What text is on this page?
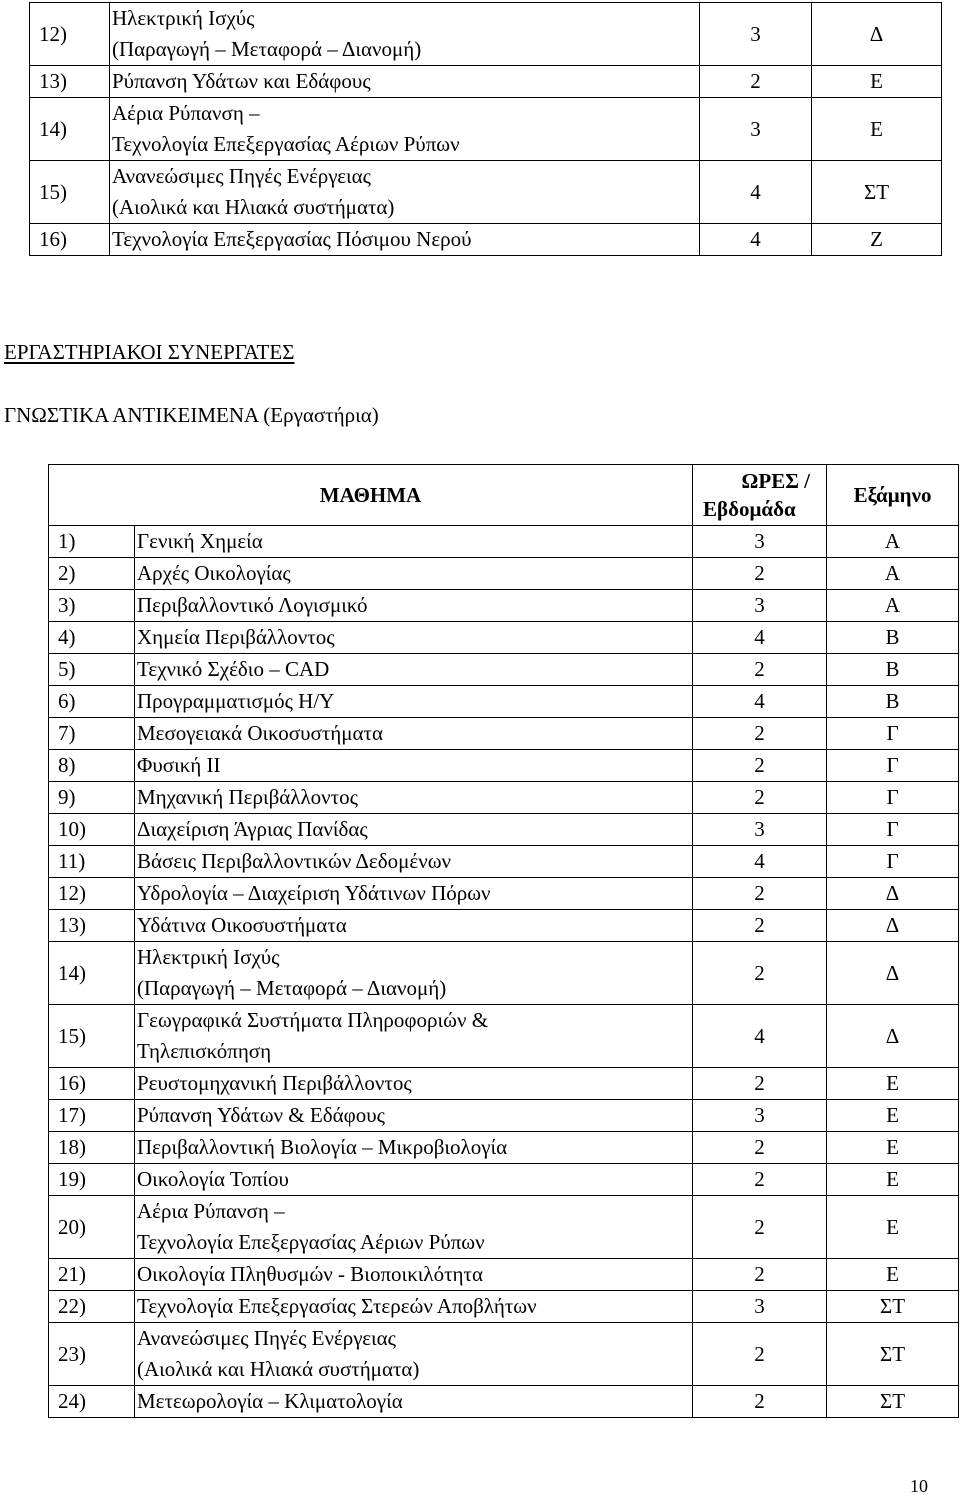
12)	Ηλεκτρική Ισχύς
(Παραγωγή – Μεταφορά – Διανομή)	3	Δ
13)	Ρύπανση Υδάτων και Εδάφους	2	Ε
14)	Αέρια Ρύπανση –
Τεχνολογία Επεξεργασίας Αέριων Ρύπων	3	Ε
15)	Ανανεώσιμες Πηγές Ενέργειας
(Αιολικά και Ηλιακά συστήματα)	4	ΣΤ
16)	Τεχνολογία Επεξεργασίας Πόσιμου Νερού	4	Ζ
ΕΡΓΑΣΤΗΡΙΑΚΟΙ ΣΥΝΕΡΓΑΤΕΣ

ΓΝΩΣΤΙΚΑ ΑΝΤΙΚΕΙΜΕΝΑ (Εργαστήρια)

ΜΑΘΗΜΑ		ΩΡΕΣ /
Εβδομάδα	Εξάμηνο
1)	Γενική Χημεία	3	Α
2)	Αρχές Οικολογίας	2	Α
3)	Περιβαλλοντικό Λογισμικό	3	Α
4)	Χημεία Περιβάλλοντος	4	Β
5)	Τεχνικό Σχέδιο – CAD	2	Β
6)	Προγραμματισμός Η/Υ	4	Β
7)	Μεσογειακά Οικοσυστήματα	2	Γ
8)	Φυσική ΙΙ	2	Γ
9)	Μηχανική Περιβάλλοντος	2	Γ
10)	Διαχείριση Άγριας Πανίδας	3	Γ
11)	Βάσεις Περιβαλλοντικών Δεδομένων	4	Γ
12)	Υδρολογία – Διαχείριση Υδάτινων Πόρων	2	Δ
13)	Υδάτινα Οικοσυστήματα	2	Δ
14)	Ηλεκτρική Ισχύς
(Παραγωγή – Μεταφορά – Διανομή)	2	Δ
15)	Γεωγραφικά Συστήματα Πληροφοριών &
Τηλεπισκόπηση	4	Δ
16)	Ρευστομηχανική Περιβάλλοντος	2	Ε
17)	Ρύπανση Υδάτων & Εδάφους	3	Ε
18)	Περιβαλλοντική Βιολογία – Μικροβιολογία	2	Ε
19)	Οικολογία Τοπίου	2	Ε
20)	Αέρια Ρύπανση –
Τεχνολογία Επεξεργασίας Αέριων Ρύπων	2	Ε
21)	Οικολογία Πληθυσμών - Βιοποικιλότητα	2	Ε
22)	Τεχνολογία Επεξεργασίας Στερεών Αποβλήτων	3	ΣΤ
23)	Ανανεώσιμες Πηγές Ενέργειας
(Αιολικά και Ηλιακά συστήματα)	2	ΣΤ
24)	Μετεωρολογία – Κλιματολογία	2	ΣΤ
10
